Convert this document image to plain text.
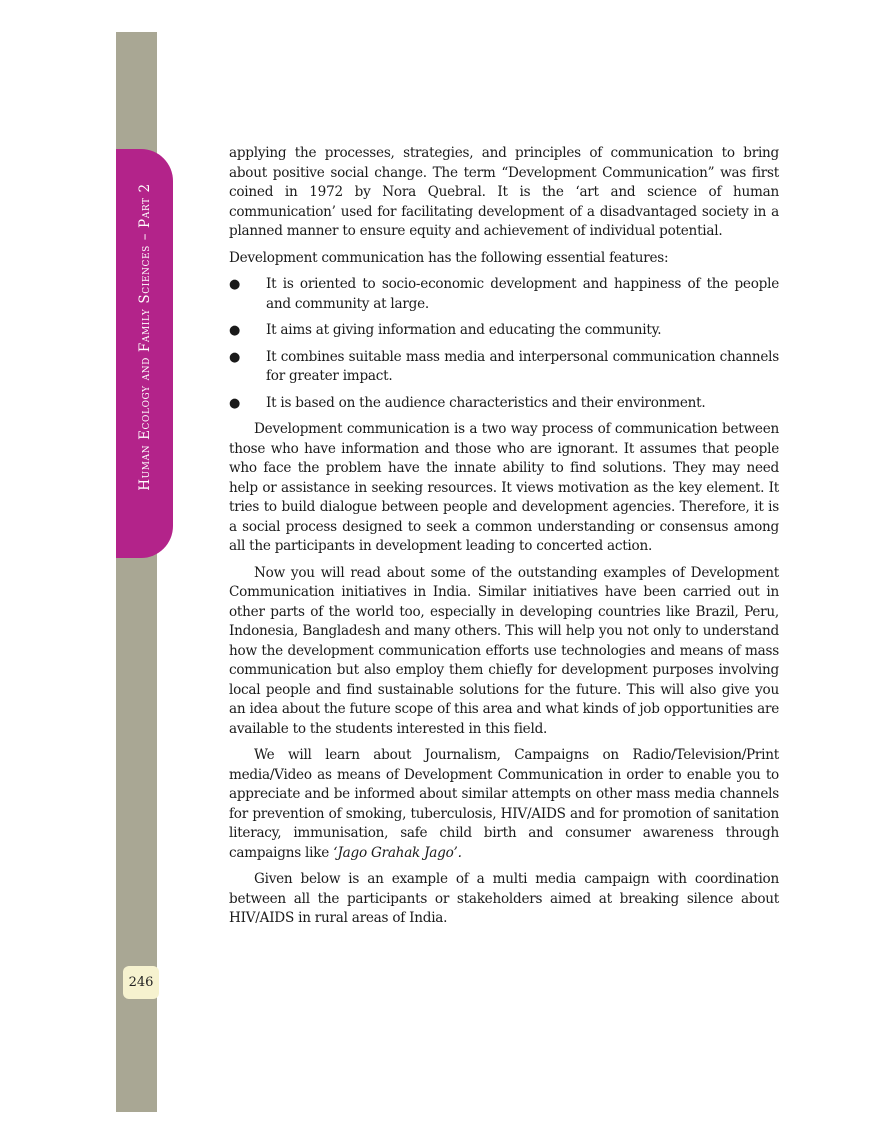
Human Ecology and Family Sciences – Part 2
246

applying the processes, strategies, and principles of communication to bring about positive social change. The term “Development Communication” was first coined in 1972 by Nora Quebral. It is the ‘art and science of human communication’ used for facilitating development of a disadvantaged society in a planned manner to ensure equity and achievement of individual potential.

Development communication has the following essential features:

● It is oriented to socio-economic development and happiness of the people and community at large.
● It aims at giving information and educating the community.
● It combines suitable mass media and interpersonal communication channels for greater impact.
● It is based on the audience characteristics and their environment.

Development communication is a two way process of communication between those who have information and those who are ignorant. It assumes that people who face the problem have the innate ability to find solutions. They may need help or assistance in seeking resources. It views motivation as the key element. It tries to build dialogue between people and development agencies. Therefore, it is a social process designed to seek a common understanding or consensus among all the participants in development leading to concerted action.

Now you will read about some of the outstanding examples of Development Communication initiatives in India. Similar initiatives have been carried out in other parts of the world too, especially in developing countries like Brazil, Peru, Indonesia, Bangladesh and many others. This will help you not only to understand how the development communication efforts use technologies and means of mass communication but also employ them chiefly for development purposes involving local people and find sustainable solutions for the future. This will also give you an idea about the future scope of this area and what kinds of job opportunities are available to the students interested in this field.

We will learn about Journalism, Campaigns on Radio/Television/Print media/Video as means of Development Communication in order to enable you to appreciate and be informed about similar attempts on other mass media channels for prevention of smoking, tuberculosis, HIV/AIDS and for promotion of sanitation literacy, immunisation, safe child birth and consumer awareness through campaigns like ‘Jago Grahak Jago’.

Given below is an example of a multi media campaign with coordination between all the participants or stakeholders aimed at breaking silence about HIV/AIDS in rural areas of India.
